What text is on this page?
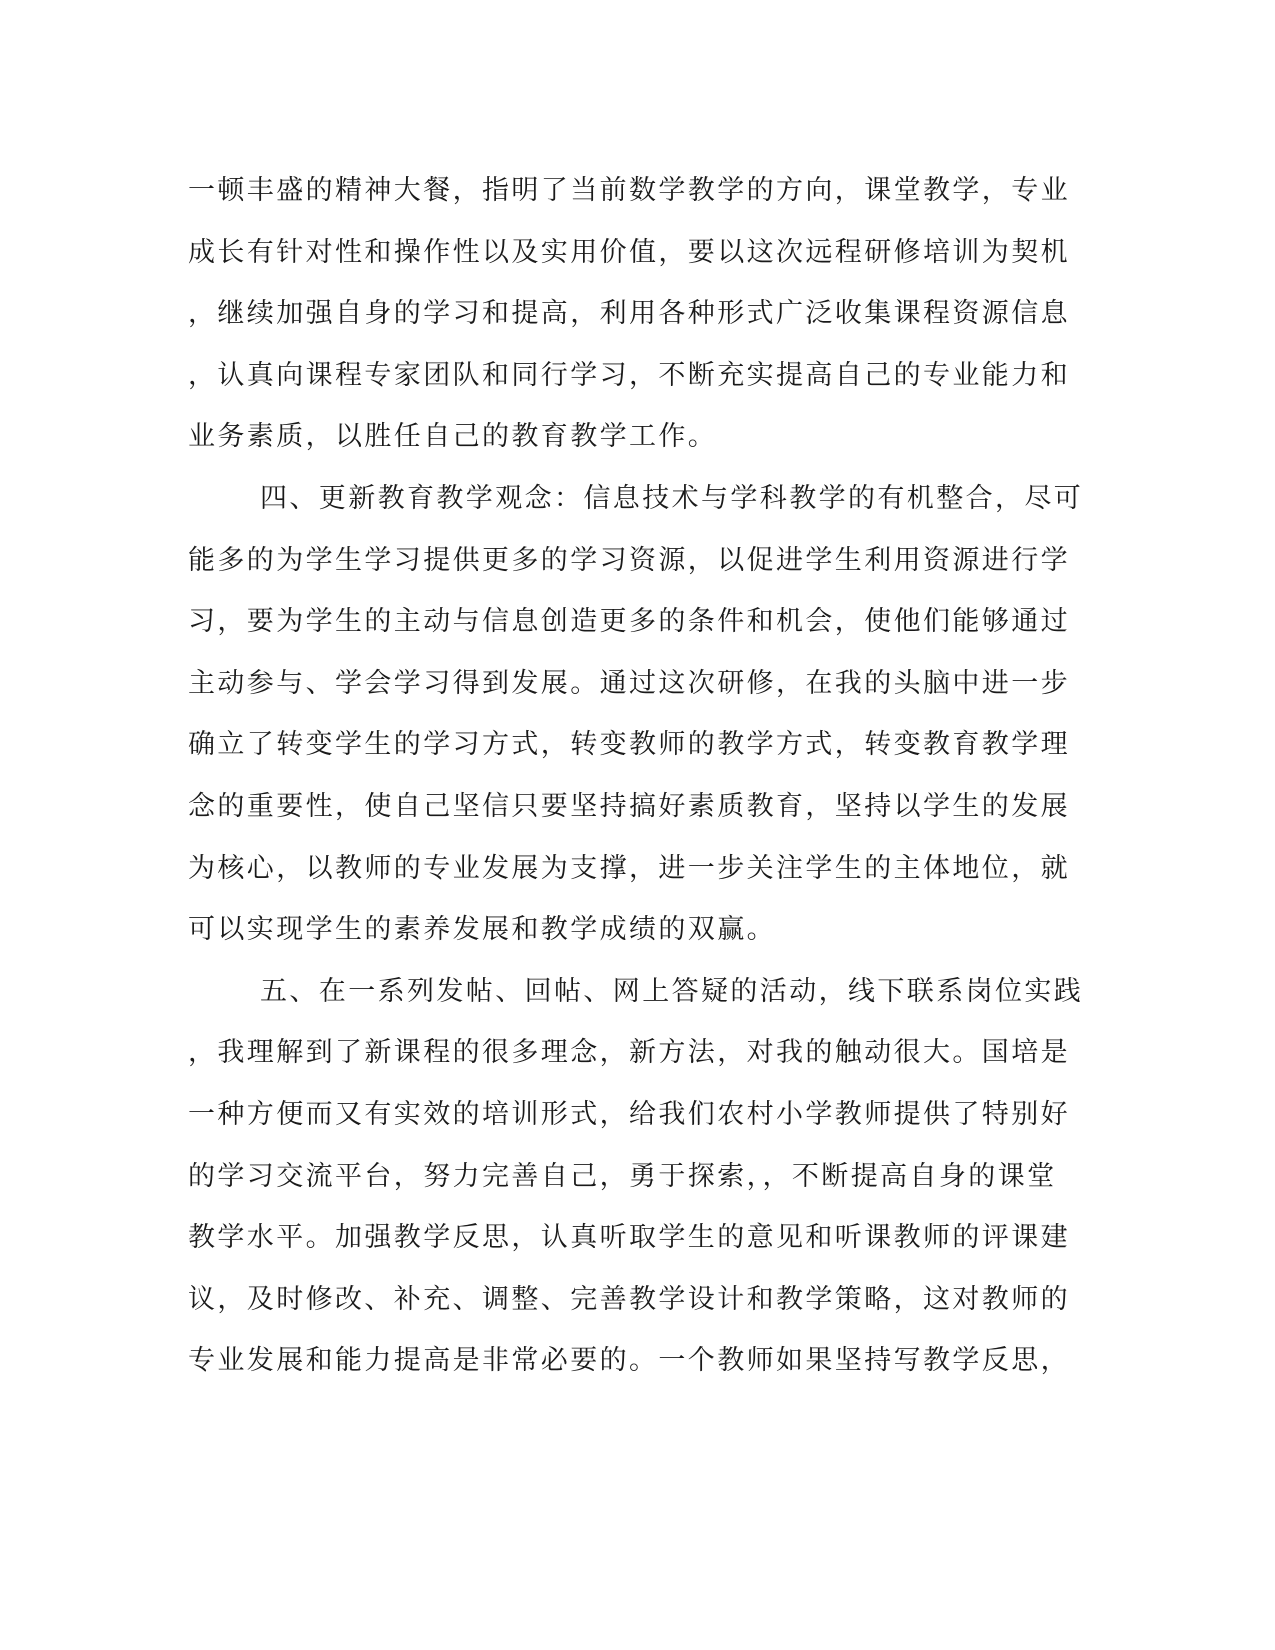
一顿丰盛的精神大餐，指明了当前数学教学的方向，课堂教学，专业
成长有针对性和操作性以及实用价值，要以这次远程研修培训为契机
，继续加强自身的学习和提高，利用各种形式广泛收集课程资源信息
，认真向课程专家团队和同行学习，不断充实提高自己的专业能力和
业务素质，以胜任自己的教育教学工作。
四、更新教育教学观念：信息技术与学科教学的有机整合，尽可
能多的为学生学习提供更多的学习资源，以促进学生利用资源进行学
习，要为学生的主动与信息创造更多的条件和机会，使他们能够通过
主动参与、学会学习得到发展。通过这次研修，在我的头脑中进一步
确立了转变学生的学习方式，转变教师的教学方式，转变教育教学理
念的重要性，使自己坚信只要坚持搞好素质教育，坚持以学生的发展
为核心，以教师的专业发展为支撑，进一步关注学生的主体地位，就
可以实现学生的素养发展和教学成绩的双赢。
五、在一系列发帖、回帖、网上答疑的活动，线下联系岗位实践
，我理解到了新课程的很多理念，新方法，对我的触动很大。国培是
一种方便而又有实效的培训形式，给我们农村小学教师提供了特别好
的学习交流平台，努力完善自己，勇于探索，，不断提高自身的课堂
教学水平。加强教学反思，认真听取学生的意见和听课教师的评课建
议，及时修改、补充、调整、完善教学设计和教学策略，这对教师的
专业发展和能力提高是非常必要的。一个教师如果坚持写教学反思，
